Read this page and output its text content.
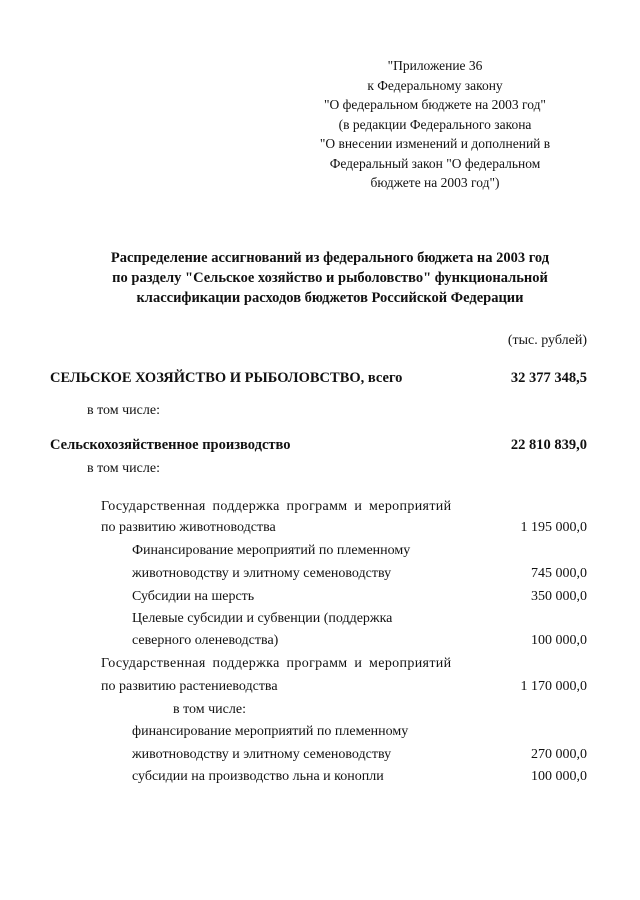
"Приложение 36
к Федеральному закону
"О федеральном бюджете на 2003 год"
(в редакции Федерального закона
"О внесении изменений и дополнений в
Федеральный закон "О федеральном
бюджете на 2003 год")
Распределение ассигнований из федерального бюджета на 2003 год
по разделу "Сельское хозяйство и рыболовство" функциональной
классификации расходов бюджетов Российской Федерации
(тыс. рублей)
СЕЛЬСКОЕ ХОЗЯЙСТВО И РЫБОЛОВСТВО, всего	32 377 348,5
в том числе:
Сельскохозяйственное производство	22 810 839,0
в том числе:
Государственная поддержка программ и мероприятий
по развитию животноводства	1 195 000,0
Финансирование мероприятий по племенному
животноводству и элитному семеноводству	745 000,0
Субсидии на шерсть	350 000,0
Целевые субсидии и субвенции (поддержка
северного оленеводства)	100 000,0
Государственная поддержка программ и мероприятий
по развитию растениеводства	1 170 000,0
в том числе:
финансирование мероприятий по племенному
животноводству и элитному семеноводству	270 000,0
субсидии на производство льна и конопли	100 000,0
